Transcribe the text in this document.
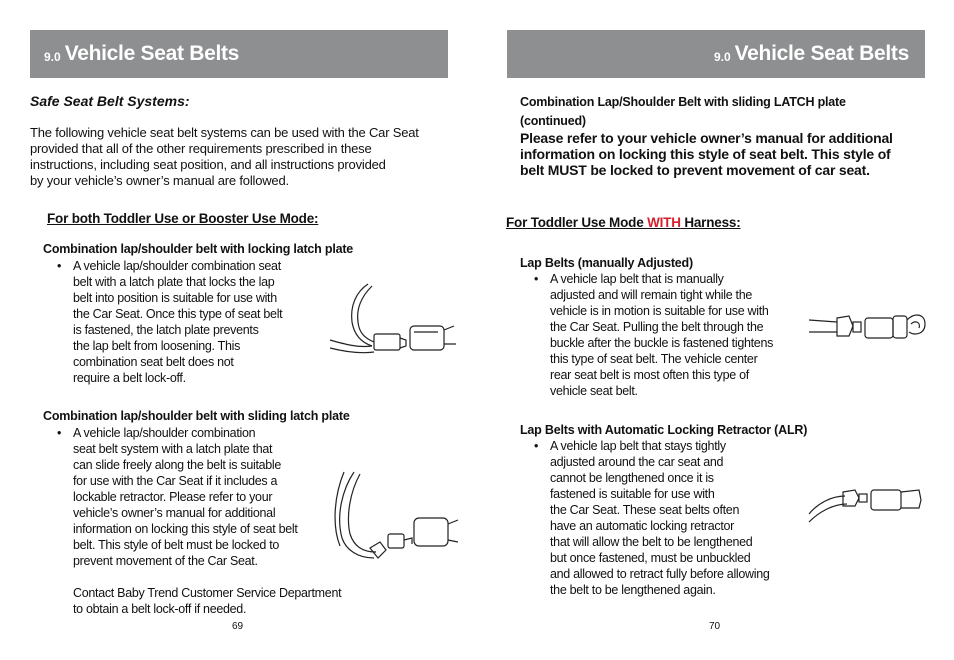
9.0 Vehicle Seat Belts
Safe Seat Belt Systems:
The following vehicle seat belt systems can be used with the Car Seat
provided that all of the other requirements prescribed in these
instructions, including seat position, and all instructions provided
by your vehicle’s owner’s manual are followed.
For both Toddler Use or Booster Use Mode:
Combination lap/shoulder belt with locking latch plate
• A vehicle lap/shoulder combination seat
belt with a latch plate that locks the lap
belt into position is suitable for use with
the Car Seat. Once this type of seat belt
is fastened, the latch plate prevents
the lap belt from loosening. This
combination seat belt does not
require a belt lock-off.
Combination lap/shoulder belt with sliding latch plate
• A vehicle lap/shoulder combination
seat belt system with a latch plate that
can slide freely along the belt is suitable
for use with the Car Seat if it includes a
lockable retractor. Please refer to your
vehicle’s owner’s manual for additional
information on locking this style of seat belt
belt. This style of belt must be locked to
prevent movement of the Car Seat.
Contact Baby Trend Customer Service Department
to obtain a belt lock-off if needed.
69
9.0 Vehicle Seat Belts
Combination Lap/Shoulder Belt with sliding LATCH plate
(continued)
Please refer to your vehicle owner’s manual for additional
information on locking this style of seat belt. This style of
belt MUST be locked to prevent movement of car seat.
For Toddler Use Mode WITH Harness:
Lap Belts (manually Adjusted)
• A vehicle lap belt that is manually
adjusted and will remain tight while the
vehicle is in motion is suitable for use with
the Car Seat. Pulling the belt through the
buckle after the buckle is fastened tightens
this type of seat belt. The vehicle center
rear seat belt is most often this type of
vehicle seat belt.
Lap Belts with Automatic Locking Retractor (ALR)
• A vehicle lap belt that stays tightly
adjusted around the car seat and
cannot be lengthened once it is
fastened is suitable for use with
the Car Seat. These seat belts often
have an automatic locking retractor
that will allow the belt to be lengthened
but once fastened, must be unbuckled
and allowed to retract fully before allowing
the belt to be lengthened again.
70
